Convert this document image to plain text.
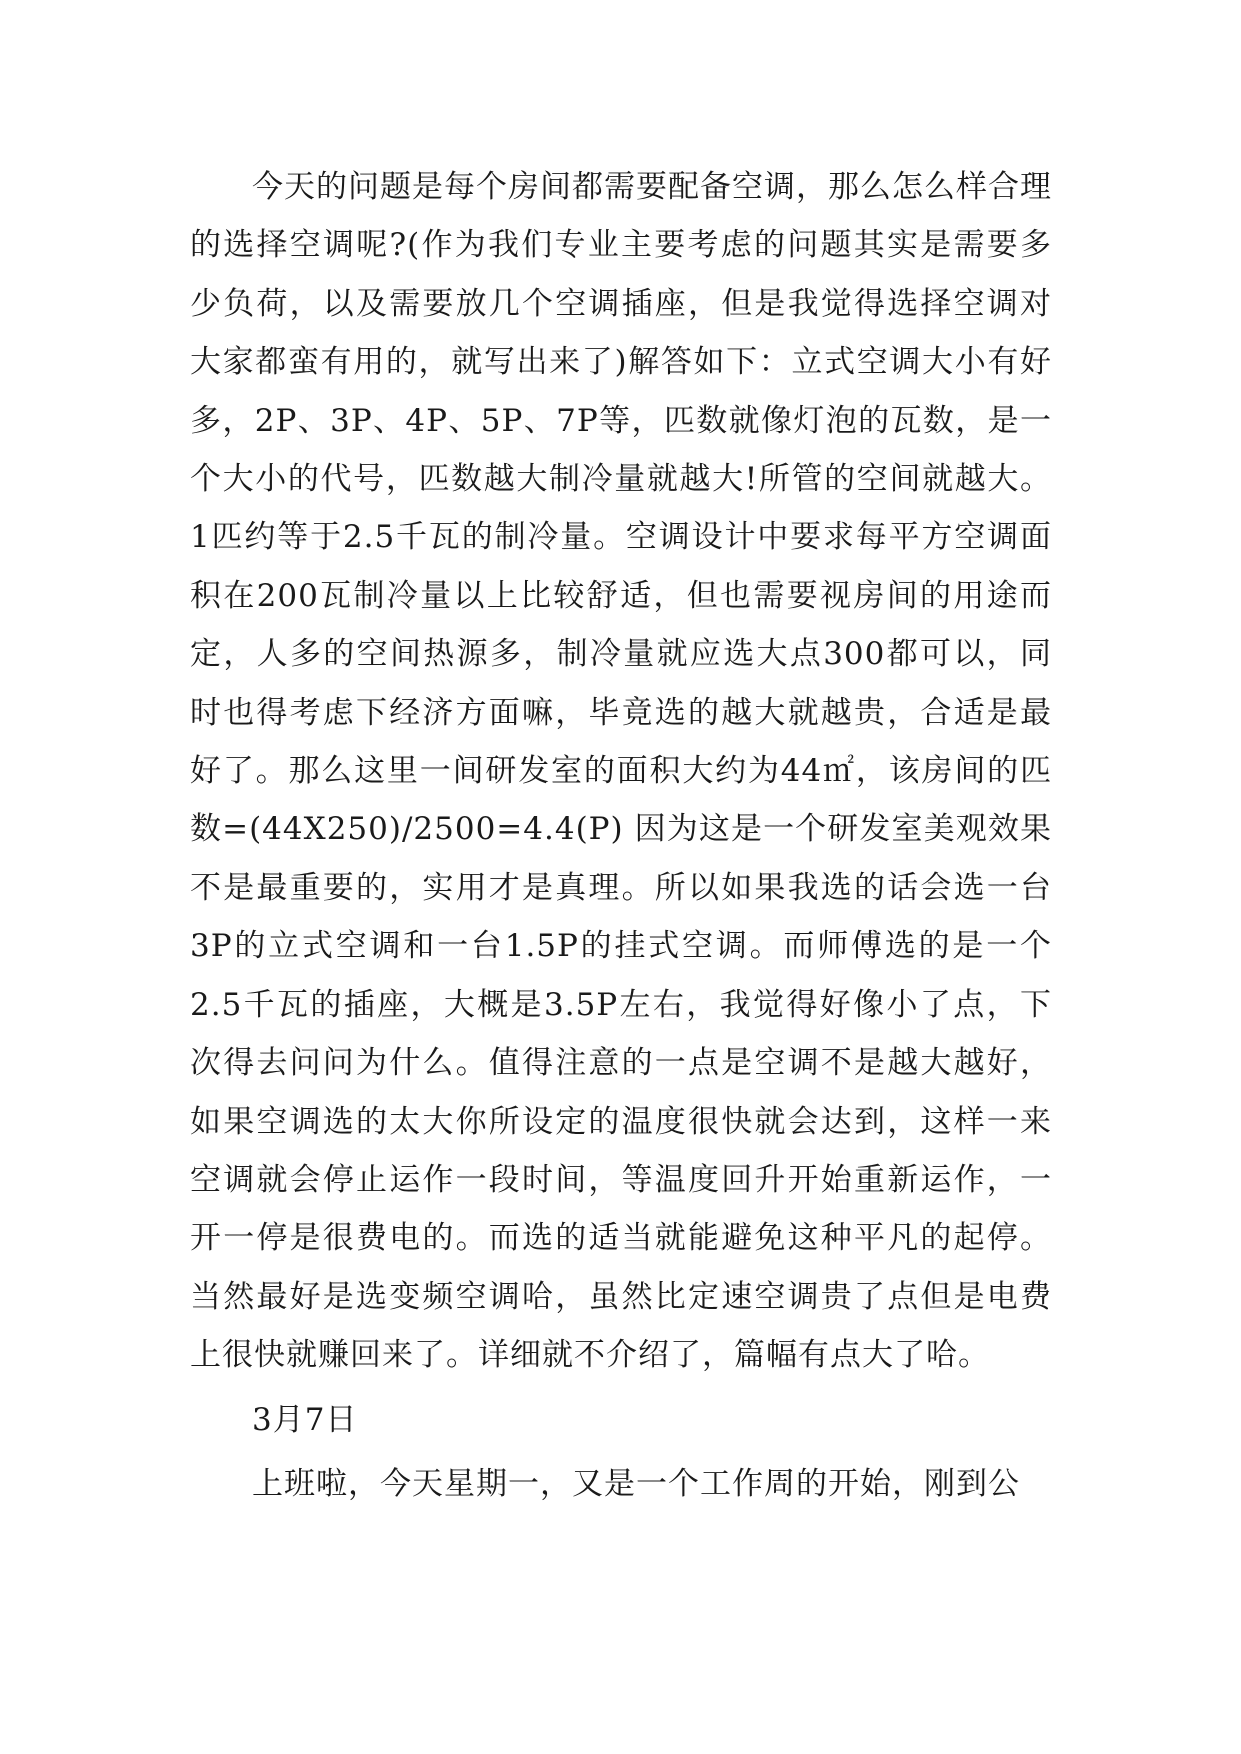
今天的问题是每个房间都需要配备空调，那么怎么样合理的选择空调呢?(作为我们专业主要考虑的问题其实是需要多少负荷，以及需要放几个空调插座，但是我觉得选择空调对大家都蛮有用的，就写出来了)解答如下：立式空调大小有好多，2P、3P、4P、5P、7P等，匹数就像灯泡的瓦数，是一个大小的代号，匹数越大制冷量就越大!所管的空间就越大。1匹约等于2.5千瓦的制冷量。空调设计中要求每平方空调面积在200瓦制冷量以上比较舒适，但也需要视房间的用途而定，人多的空间热源多，制冷量就应选大点300都可以，同时也得考虑下经济方面嘛，毕竟选的越大就越贵，合适是最好了。那么这里一间研发室的面积大约为44㎡，该房间的匹数=(44X250)/2500=4.4(P) 因为这是一个研发室美观效果不是最重要的，实用才是真理。所以如果我选的话会选一台3P的立式空调和一台1.5P的挂式空调。而师傅选的是一个2.5千瓦的插座，大概是3.5P左右，我觉得好像小了点，下次得去问问为什么。值得注意的一点是空调不是越大越好，如果空调选的太大你所设定的温度很快就会达到，这样一来空调就会停止运作一段时间，等温度回升开始重新运作，一开一停是很费电的。而选的适当就能避免这种平凡的起停。当然最好是选变频空调哈，虽然比定速空调贵了点但是电费上很快就赚回来了。详细就不介绍了，篇幅有点大了哈。

3月7日

上班啦，今天星期一，又是一个工作周的开始，刚到公
